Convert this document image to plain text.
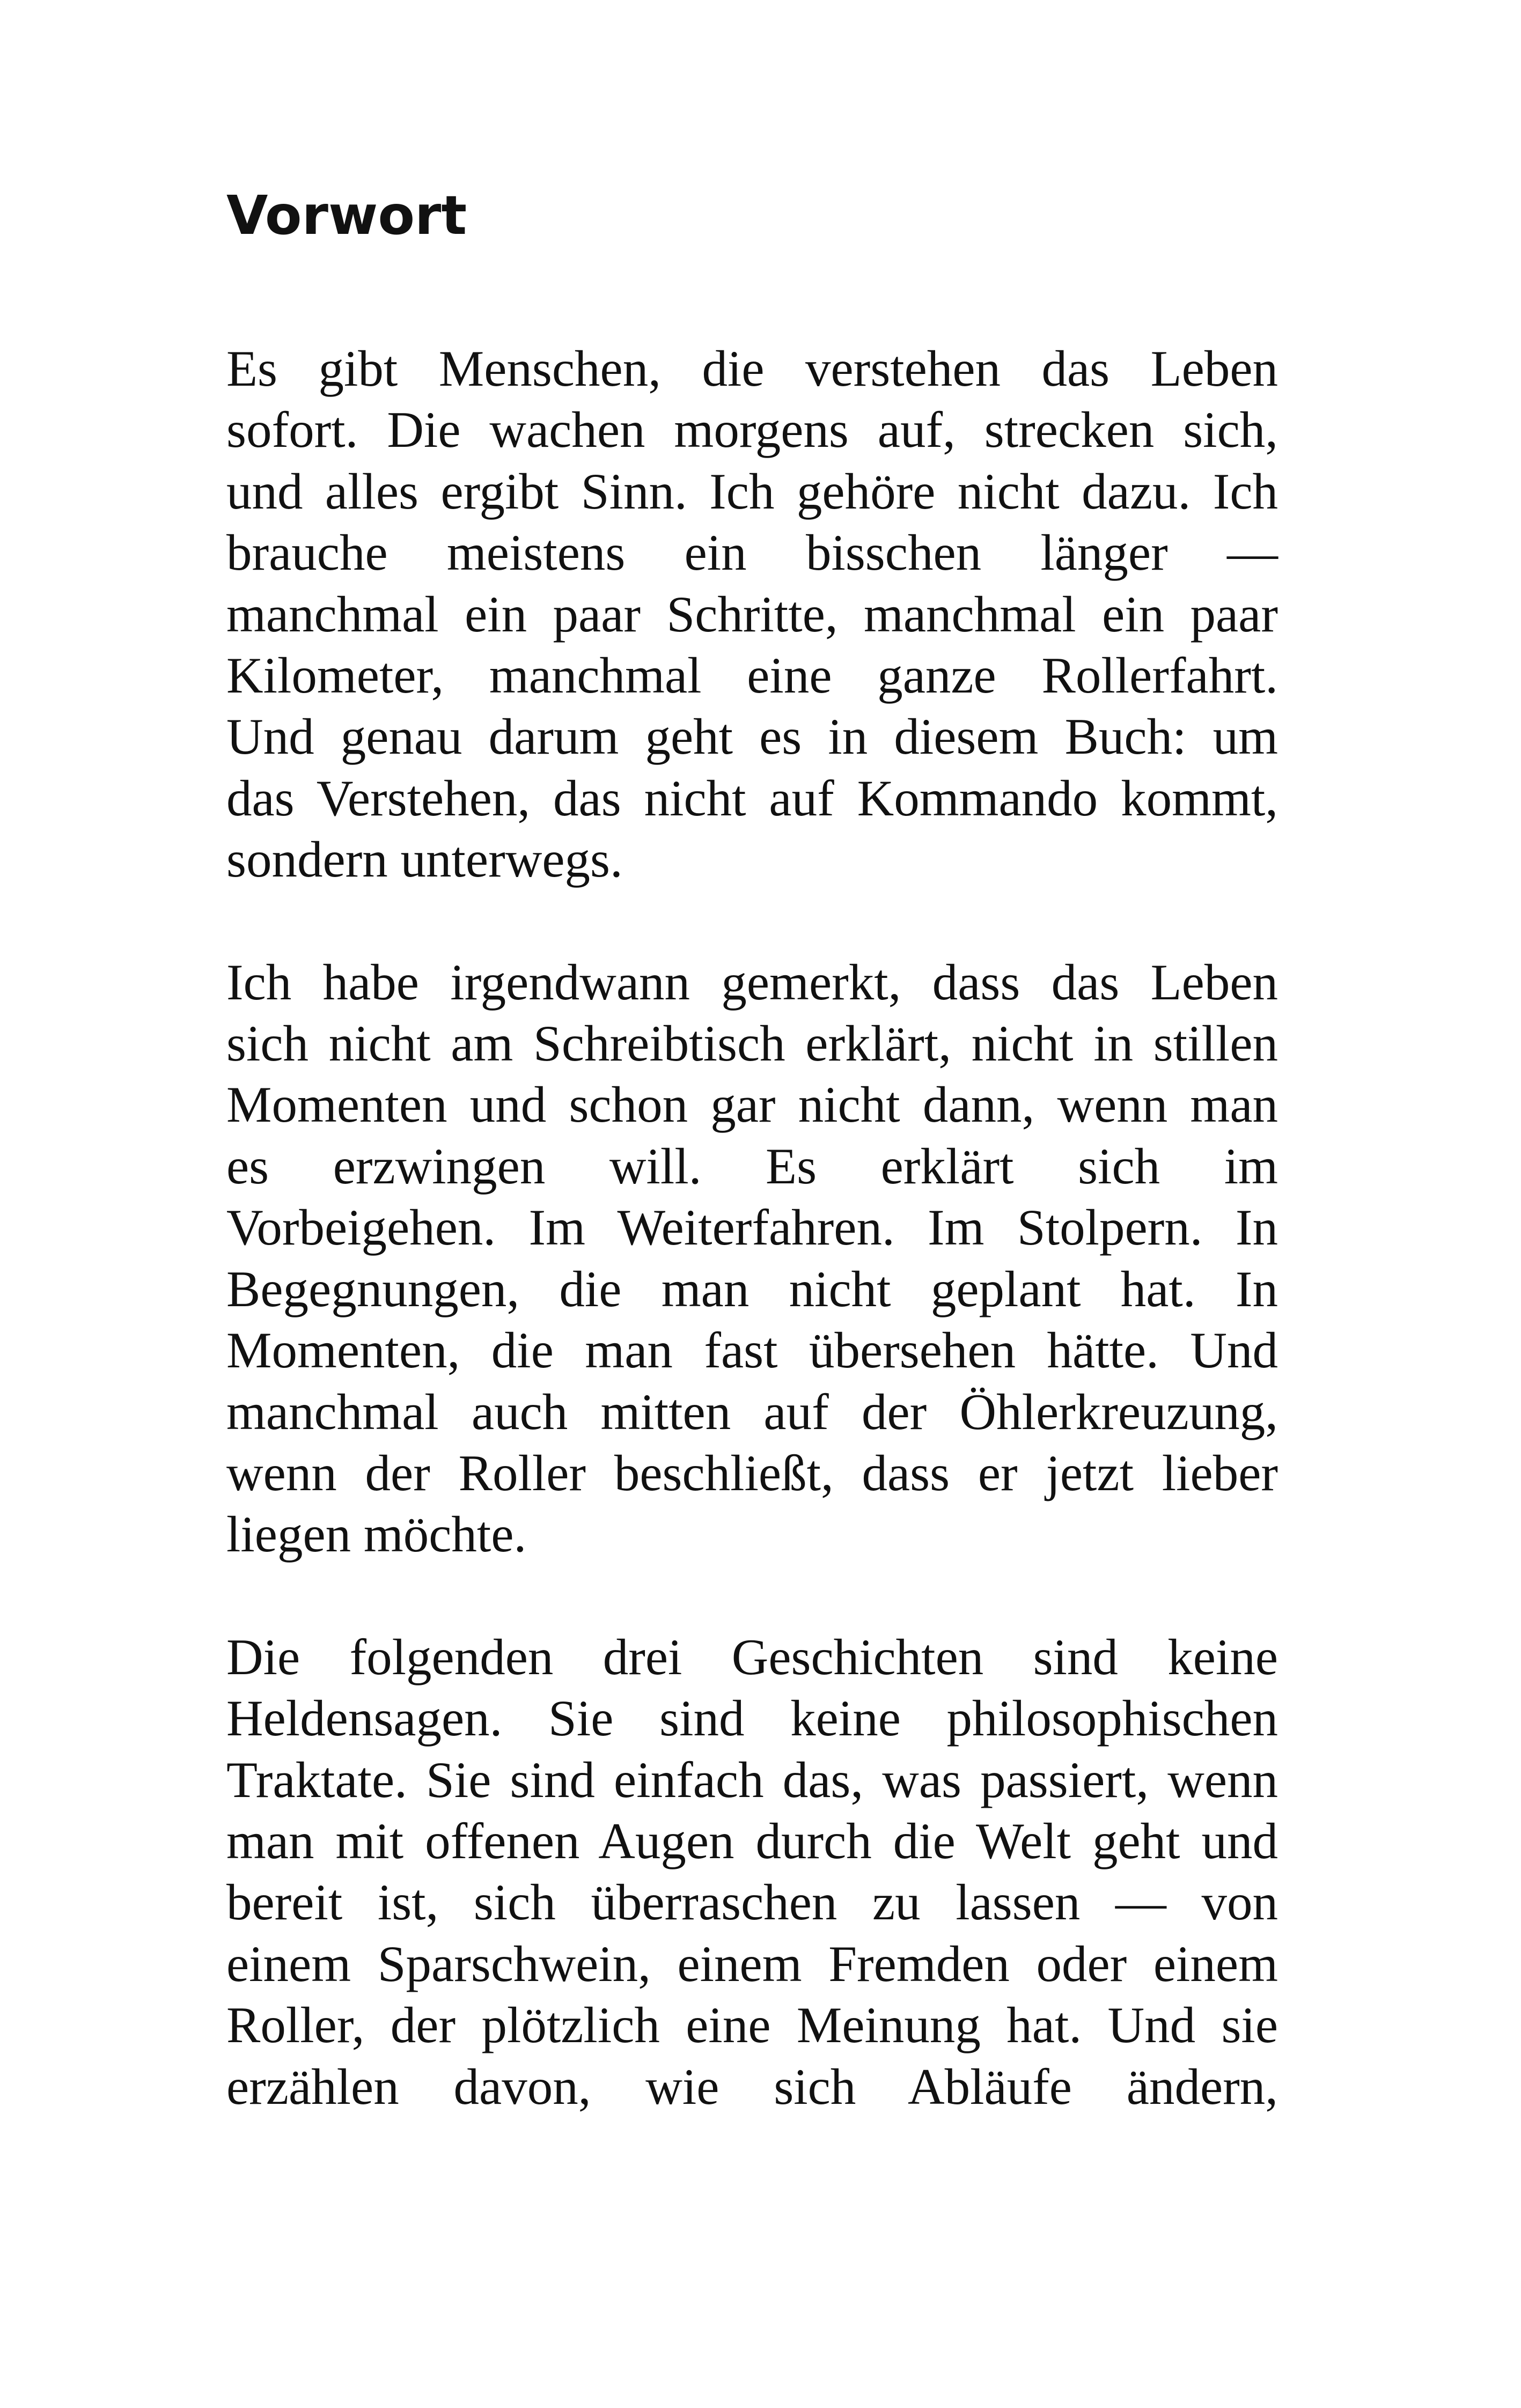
Vorwort

Es gibt Menschen, die verstehen das Leben
sofort. Die wachen morgens auf, strecken sich,
und alles ergibt Sinn. Ich gehöre nicht dazu. Ich
brauche meistens ein bisschen länger —
manchmal ein paar Schritte, manchmal ein paar
Kilometer, manchmal eine ganze Rollerfahrt.
Und genau darum geht es in diesem Buch: um
das Verstehen, das nicht auf Kommando kommt,
sondern unterwegs.

Ich habe irgendwann gemerkt, dass das Leben
sich nicht am Schreibtisch erklärt, nicht in stillen
Momenten und schon gar nicht dann, wenn man
es erzwingen will. Es erklärt sich im
Vorbeigehen. Im Weiterfahren. Im Stolpern. In
Begegnungen, die man nicht geplant hat. In
Momenten, die man fast übersehen hätte. Und
manchmal auch mitten auf der Öhlerkreuzung,
wenn der Roller beschließt, dass er jetzt lieber
liegen möchte.

Die folgenden drei Geschichten sind keine
Heldensagen. Sie sind keine philosophischen
Traktate. Sie sind einfach das, was passiert, wenn
man mit offenen Augen durch die Welt geht und
bereit ist, sich überraschen zu lassen — von
einem Sparschwein, einem Fremden oder einem
Roller, der plötzlich eine Meinung hat. Und sie
erzählen davon, wie sich Abläufe ändern,
